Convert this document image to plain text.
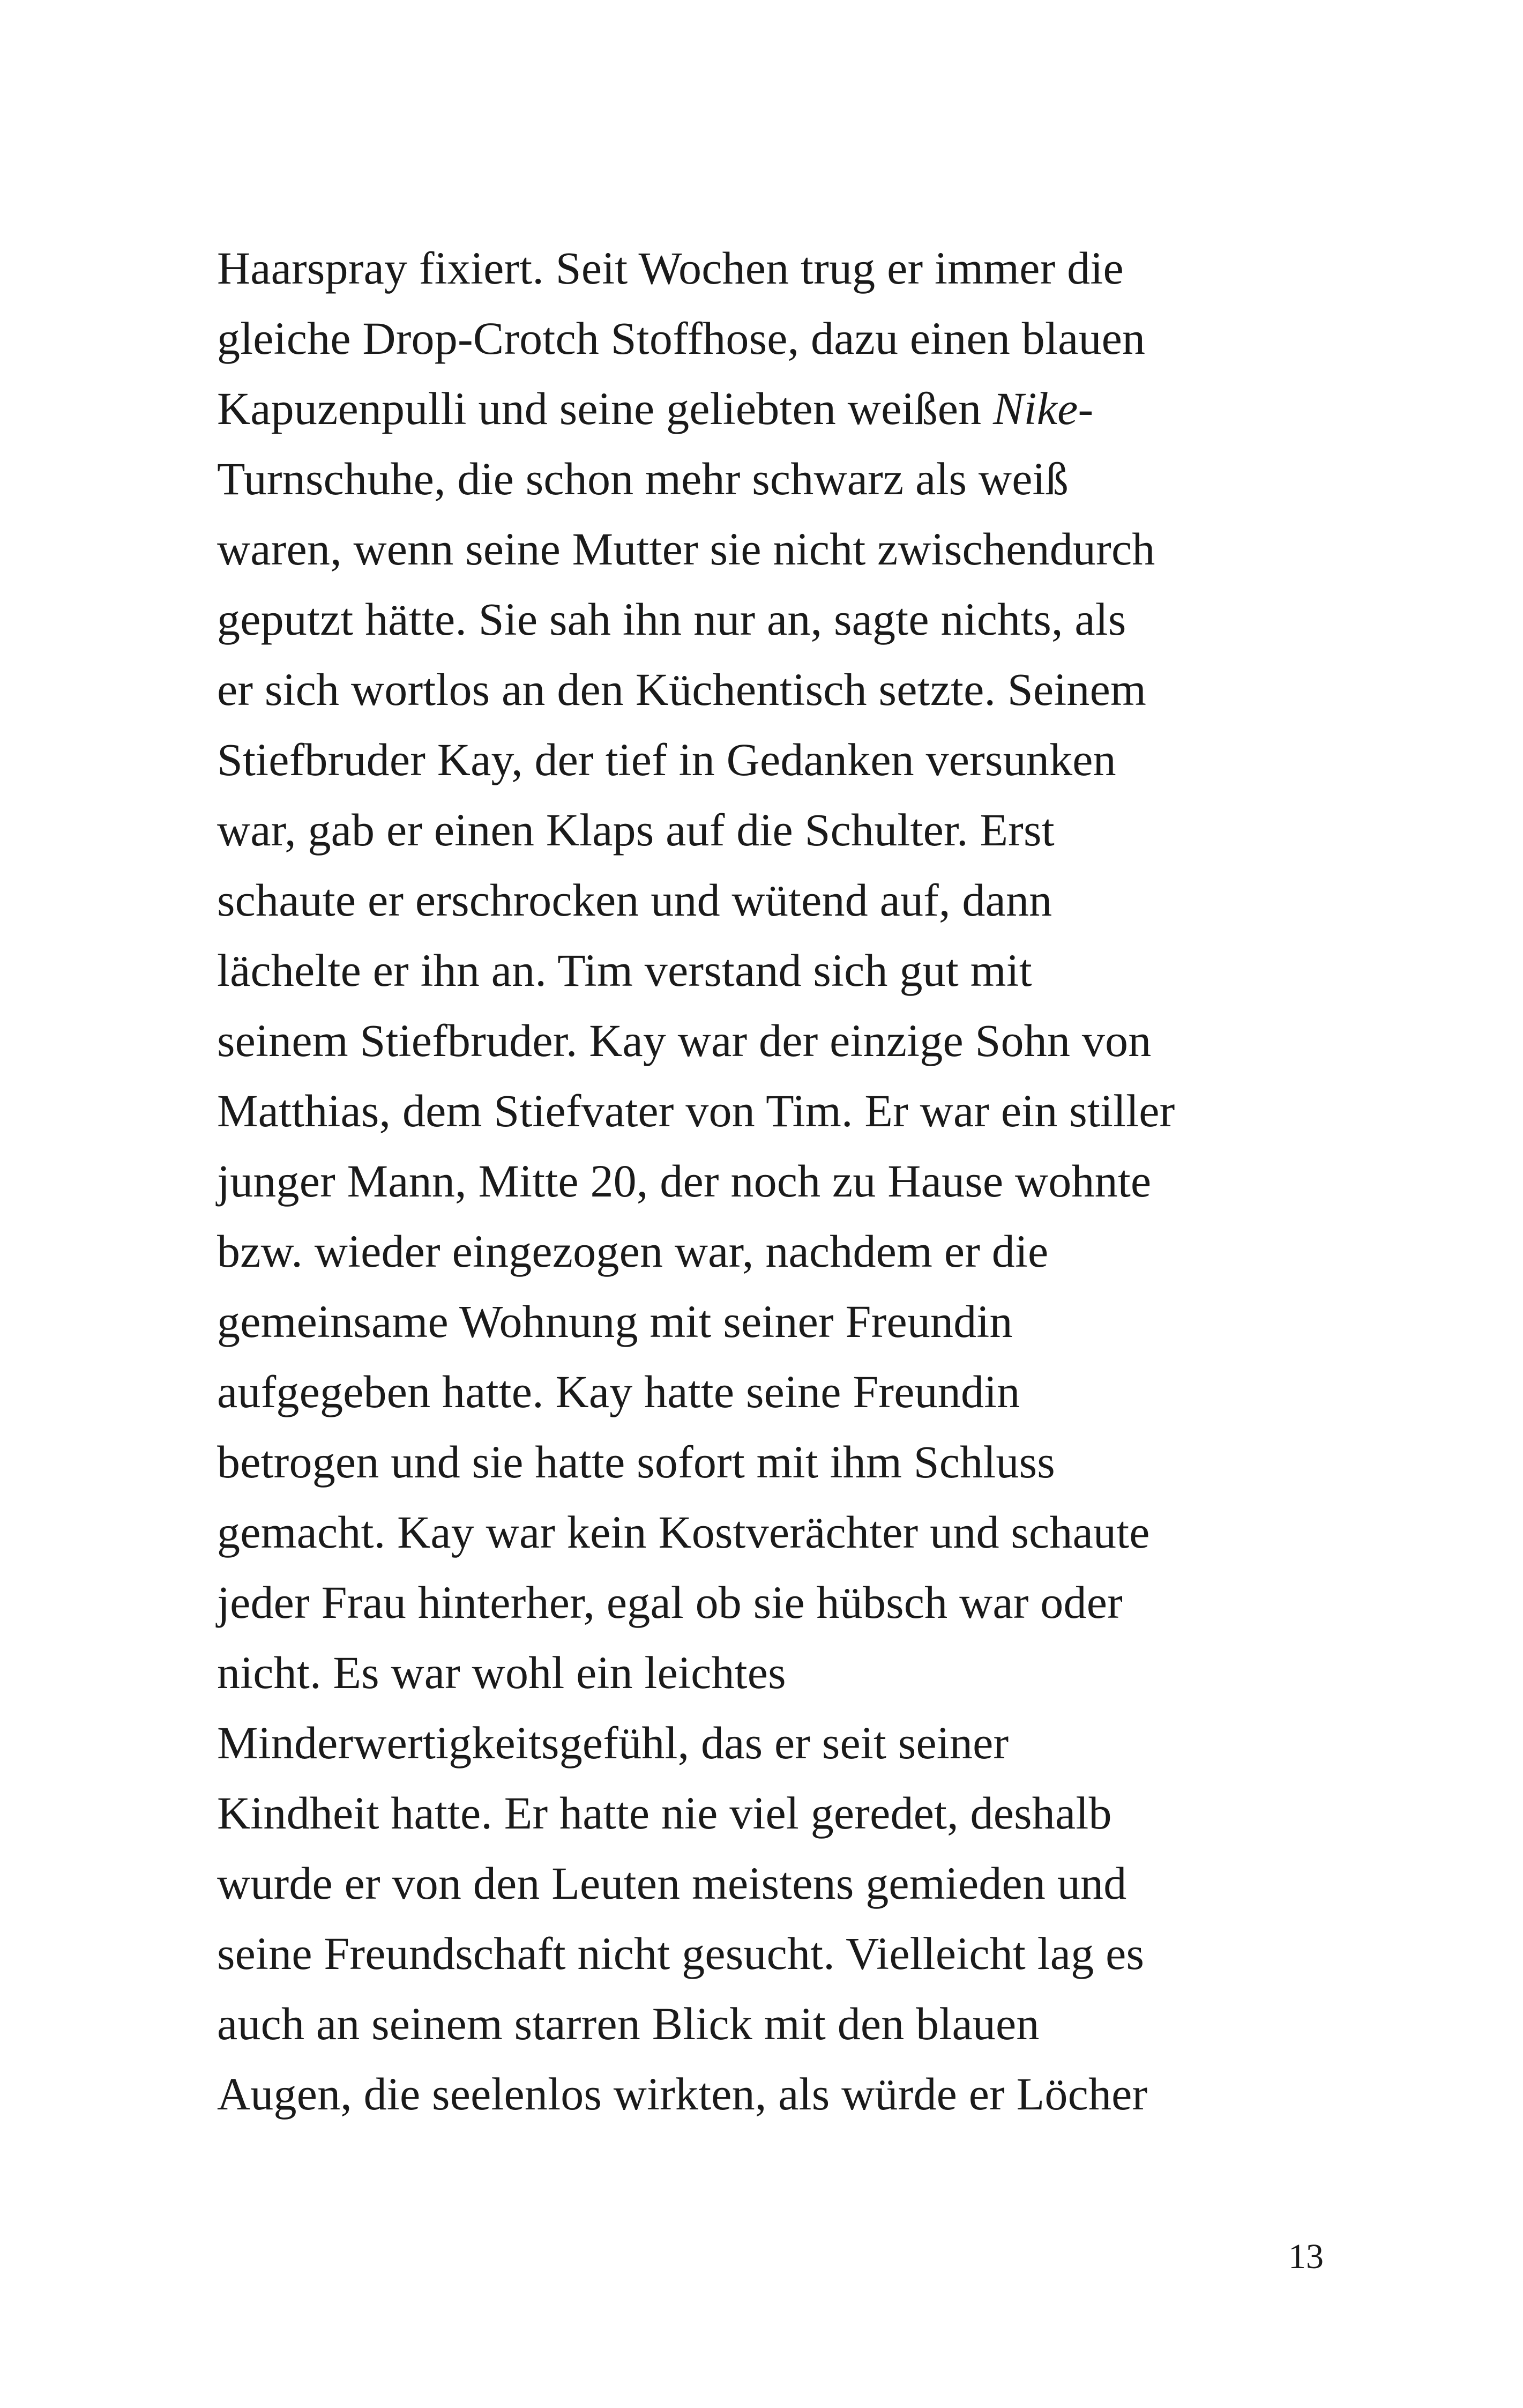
Haarspray fixiert. Seit Wochen trug er immer die
gleiche Drop-Crotch Stoffhose, dazu einen blauen
Kapuzenpulli und seine geliebten weißen Nike-
Turnschuhe, die schon mehr schwarz als weiß
waren, wenn seine Mutter sie nicht zwischendurch
geputzt hätte. Sie sah ihn nur an, sagte nichts, als
er sich wortlos an den Küchentisch setzte. Seinem
Stiefbruder Kay, der tief in Gedanken versunken
war, gab er einen Klaps auf die Schulter. Erst
schaute er erschrocken und wütend auf, dann
lächelte er ihn an. Tim verstand sich gut mit
seinem Stiefbruder. Kay war der einzige Sohn von
Matthias, dem Stiefvater von Tim. Er war ein stiller
junger Mann, Mitte 20, der noch zu Hause wohnte
bzw. wieder eingezogen war, nachdem er die
gemeinsame Wohnung mit seiner Freundin
aufgegeben hatte. Kay hatte seine Freundin
betrogen und sie hatte sofort mit ihm Schluss
gemacht. Kay war kein Kostverächter und schaute
jeder Frau hinterher, egal ob sie hübsch war oder
nicht. Es war wohl ein leichtes
Minderwertigkeitsgefühl, das er seit seiner
Kindheit hatte. Er hatte nie viel geredet, deshalb
wurde er von den Leuten meistens gemieden und
seine Freundschaft nicht gesucht. Vielleicht lag es
auch an seinem starren Blick mit den blauen
Augen, die seelenlos wirkten, als würde er Löcher
13
